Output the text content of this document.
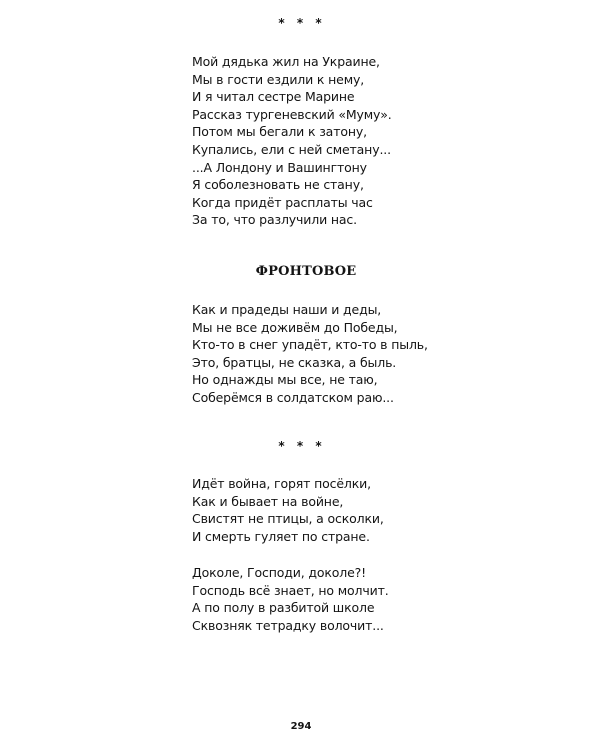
* * *
Мой дядька жил на Украине,
Мы в гости ездили к нему,
И я читал сестре Марине
Рассказ тургеневский «Муму».
Потом мы бегали к затону,
Купались, ели с ней сметану...
...А Лондону и Вашингтону
Я соболезновать не стану,
Когда придёт расплаты час
За то, что разлучили нас.
ФРОНТОВОЕ
Как и прадеды наши и деды,
Мы не все доживём до Победы,
Кто-то в снег упадёт, кто-то в пыль,
Это, братцы, не сказка, а быль.
Но однажды мы все, не таю,
Соберёмся в солдатском раю...
* * *
Идёт война, горят посёлки,
Как и бывает на войне,
Свистят не птицы, а осколки,
И смерть гуляет по стране.
Доколе, Господи, доколе?!
Господь всё знает, но молчит.
А по полу в разбитой школе
Сквозняк тетрадку волочит...
294
